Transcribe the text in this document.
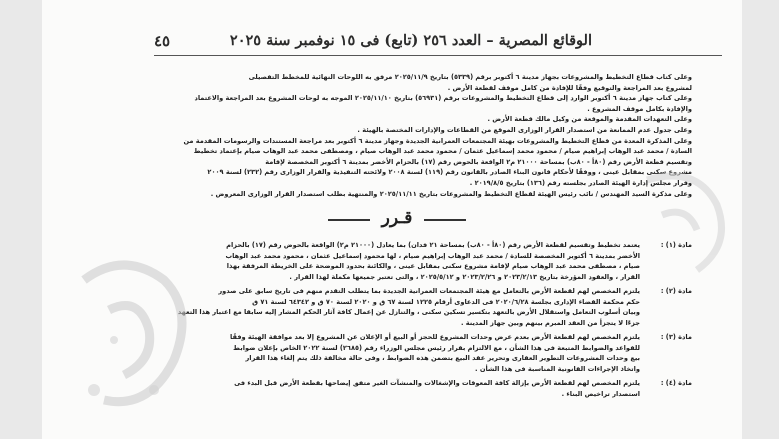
الوقائع المصرية – العدد ٢٥٦ (تابع) فى ١٥ نوفمبر سنة ٢٠٢٥
٤٥
وعلى كتاب قطاع التخطيط والمشروعات بجهاز مدينة ٦ أكتوبر برقم (٥٣٣٩) بتاريخ ٢٠٢٥/١١/٩ مرفق به اللوحات النهائية للمخطط التفصيلى
لمشروع بعد المراجعة والتوقيع وفقًا للإفادة من كامل موقف لقطعة الأرض .
وعلى كتاب جهاز مدينة ٦ أكتوبر الوارد إلى قطاع التخطيط والمشروعات برقم (٥٦٩٣١) بتاريخ ٢٠٢٥/١١/١٠ الموجه به لوحات المشروع بعد المراجعة والاعتماد
والإفادة بكامل موقف المشروع .
وعلى التعهدات المقدمة والموقعة من وكيل مالك قطعة الأرض .
وعلى جدول عدم الممانعة من استصدار القرار الوزارى الموقع من القطاعات والإدارات المختصة بالهيئة .
وعلى المذكرة المعدة من قطاع التخطيط والمشروعات بهيئة المجتمعات العمرانية الجديدة وجهاز مدينة ٦ أكتوبر بعد مراجعة المستندات والرسومات المقدمة من
السادة / محمد عبد الوهاب إبراهيم صيام / محمود محمد إسماعيل عثمان / محمود محمد عبد الوهاب صيام ، ومصطفى محمد عبد الوهاب صيام بإعتماد تخطيط
وتقسيم قطعة الأرض رقم (٨٠أ - ٨٠ب) بمساحة ٢١٠٠٠ م٢ الواقعة بالحوض رقم (١٧) بالحزام الأخضر بمدينة ٦ أكتوبر المخصصة لإقامة
مشروع سكنى بمقابل عينى ، ووفقًا لأحكام قانون البناء الصادر بالقانون رقم (١١٩) لسنة ٢٠٠٨ ولائحته التنفيذية والقرار الوزارى رقم (٢٣٢) لسنة ٢٠٠٩
وقرار مجلس إدارة الهيئة الصادر بجلسته رقم (١٣٦) بتاريخ ٢٠١٩/٨/٥ .
وعلى مذكرة السيد المهندس / نائب رئيس الهيئة لقطاع التخطيط والمشروعات بتاريخ ٢٠٢٥/١١/١١ والمنتهية بطلب استصدار القرار الوزارى المعروض .
قـرر
مادة (١) :
يعتمد تخطيط وتقسيم لقطعة الأرض رقم (٨٠أ - ٨٠ب) بمساحة ٢١ فدان) بما يعادل (٢١٠٠٠ م٢) الواقعة بالحوض رقم (١٧) بالحزام
الأخضر بمدينة ٦ أكتوبر المخصصة للسادة / محمد عبد الوهاب إبراهيم صيام ، لها محمود إسماعيل عثمان ، محمود محمد عبد الوهاب
صيام ، مصطفى محمد عبد الوهاب صيام لإقامة مشروع سكنى بمقابل عينى ، والكائنة بحدود الموضحة على الخريطة المرفقة بهذا
القرار ، والعقود المؤرخة بتاريخ ٢٠٢٣/٢/١٣ و ٢٠٢٣/٢/٢٦ و ٢٠٢٥/٥/١٢ ، والتى تعتبر جميعها مكملة لهذا القرار .
مادة (٢) :
يلتزم المخصص لهم لقطعة الأرض بالتعامل مع هيئة المجتمعات العمرانية الجديدة بما يتطلب التقدم منهم فى تاريخ سابق على صدور
حكم محكمة القضاء الإدارى بجلسة ٢٠٢٠/٦/٢٨ فى الدعاوى أرقام ١٢٢٥ لسنة ٦٧ ق و ٢٠٢٠ لسنة ٧٠ ق و ٦٤٣٤٢ لسنة ٧١ ق
وبيان أسلوب التعامل واستقلال الأرض بالتعهد بتكسير تسكين سكنى ، والتنازل عن إعمال كافة آثار الحكم المشار إليه سابقا مع اعتبار هذا التعهد
جزءًا لا يتجزأ من العقد المبرم بينهم وبين جهاز المدينة .
مادة (٣) :
يلتزم المخصص لهم لقطعة الأرض بعدم عرض وحدات المشروع للحجز أو البيع أو الإعلان عن المشروع إلا بعد موافقة الهيئة وفقًا
للقواعد والضوابط المتبعة فى هذا الشأن ، مع الالتزام بقرار رئيس مجلس الوزراء رقم (٢٦٨٥) لسنة ٢٠٢٢ الخاص بإعلان ضوابط
بيع وحدات المشروعات التطوير العقارى وتحرير عقد البيع بتضمن هذه الضوابط ، وفى حالة مخالفة ذلك يتم إلغاء هذا القرار
واتخاذ الإجراءات القانونية المناسبة فى هذا الشأن .
مادة (٤) :
يلتزم المخصص لهم لقطعة الأرض بإزالة كافة المعوقات والإشغالات والمنشآت الغير متفق إيضاحها بقطعة الأرض قبل البدء فى
استصدار تراخيص البناء .
